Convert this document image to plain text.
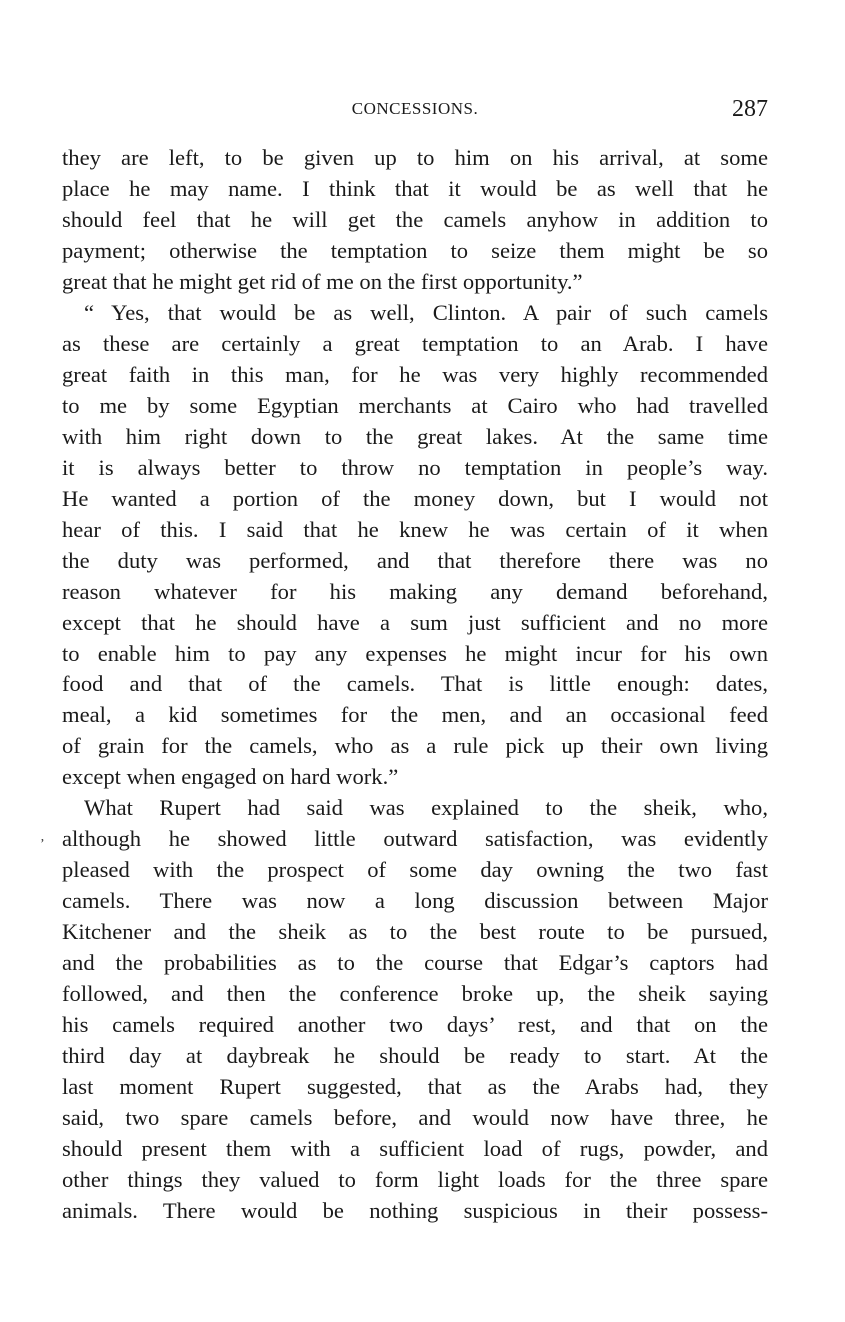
CONCESSIONS.	287
’
they are left, to be given up to him on his arrival, at some
place he may name. I think that it would be as well that he
should feel that he will get the camels anyhow in addition to
payment; otherwise the temptation to seize them might be so
great that he might get rid of me on the first opportunity.”
“ Yes, that would be as well, Clinton. A pair of such camels
as these are certainly a great temptation to an Arab. I have
great faith in this man, for he was very highly recommended
to me by some Egyptian merchants at Cairo who had travelled
with him right down to the great lakes. At the same time
it is always better to throw no temptation in people’s way.
He wanted a portion of the money down, but I would not
hear of this. I said that he knew he was certain of it when
the duty was performed, and that therefore there was no
reason whatever for his making any demand beforehand,
except that he should have a sum just sufficient and no more
to enable him to pay any expenses he might incur for his own
food and that of the camels. That is little enough: dates,
meal, a kid sometimes for the men, and an occasional feed
of grain for the camels, who as a rule pick up their own living
except when engaged on hard work.”
What Rupert had said was explained to the sheik, who,
although he showed little outward satisfaction, was evidently
pleased with the prospect of some day owning the two fast
camels. There was now a long discussion between Major
Kitchener and the sheik as to the best route to be pursued,
and the probabilities as to the course that Edgar’s captors had
followed, and then the conference broke up, the sheik saying
his camels required another two days’ rest, and that on the
third day at daybreak he should be ready to start. At the
last moment Rupert suggested, that as the Arabs had, they
said, two spare camels before, and would now have three, he
should present them with a sufficient load of rugs, powder, and
other things they valued to form light loads for the three spare
animals. There would be nothing suspicious in their possess-
